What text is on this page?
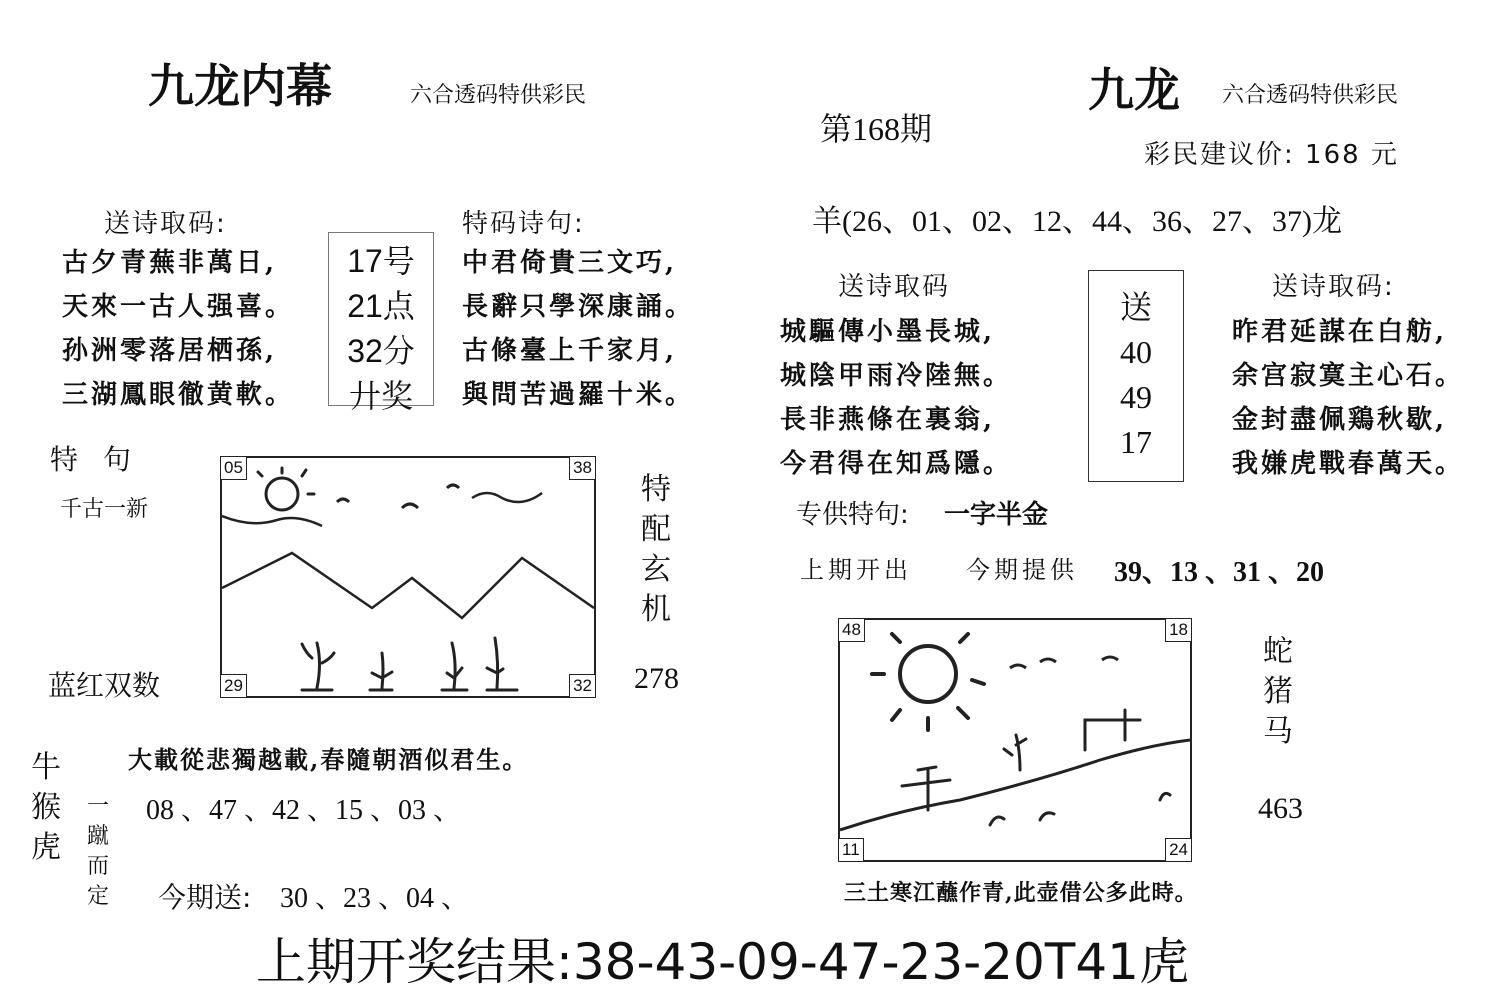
九龙内幕	六合透码特供彩民
送诗取码:
古夕青蕪非萬日,
天來一古人强喜。
孙洲零落居栖孫,
三湖鳳眼徹黄軟。
17号
21点
32分
廾奖
特码诗句:
中君倚貴三文巧,
長辭只學深康誦。
古條臺上千家月,
與問苦過羅十米。
特 句
千古一新
05	38
29	32
特
配
玄
机
278
蓝红双数
牛
猴
虎
大載從悲獨越載,春隨朝酒似君生。
一
蹴
而
定
08 、47 、42 、15 、03 、
今期送: 30 、23 、04 、
第168期
九龙 六合透码特供彩民
彩民建议价: 168 元
羊(26、01、02、12、44、36、27、37)龙
送诗取码
城驅傳小墨長城,
城陰甲雨冷陸無。
長非燕條在裏翁,
今君得在知爲隱。
送
40
49
17
送诗取码:
昨君延謀在白舫,
余宫寂寞主心石。
金封盡佩鶏秋歇,
我嫌虎戰春萬天。
专供特句: 一字半金
上期开出 今期提供 39、13 、31 、20
48	18
11	24
蛇
猪
马
463
三土寒江蘸作青,此壶借公多此時。
上期开奖结果:38-43-09-47-23-20T41虎
